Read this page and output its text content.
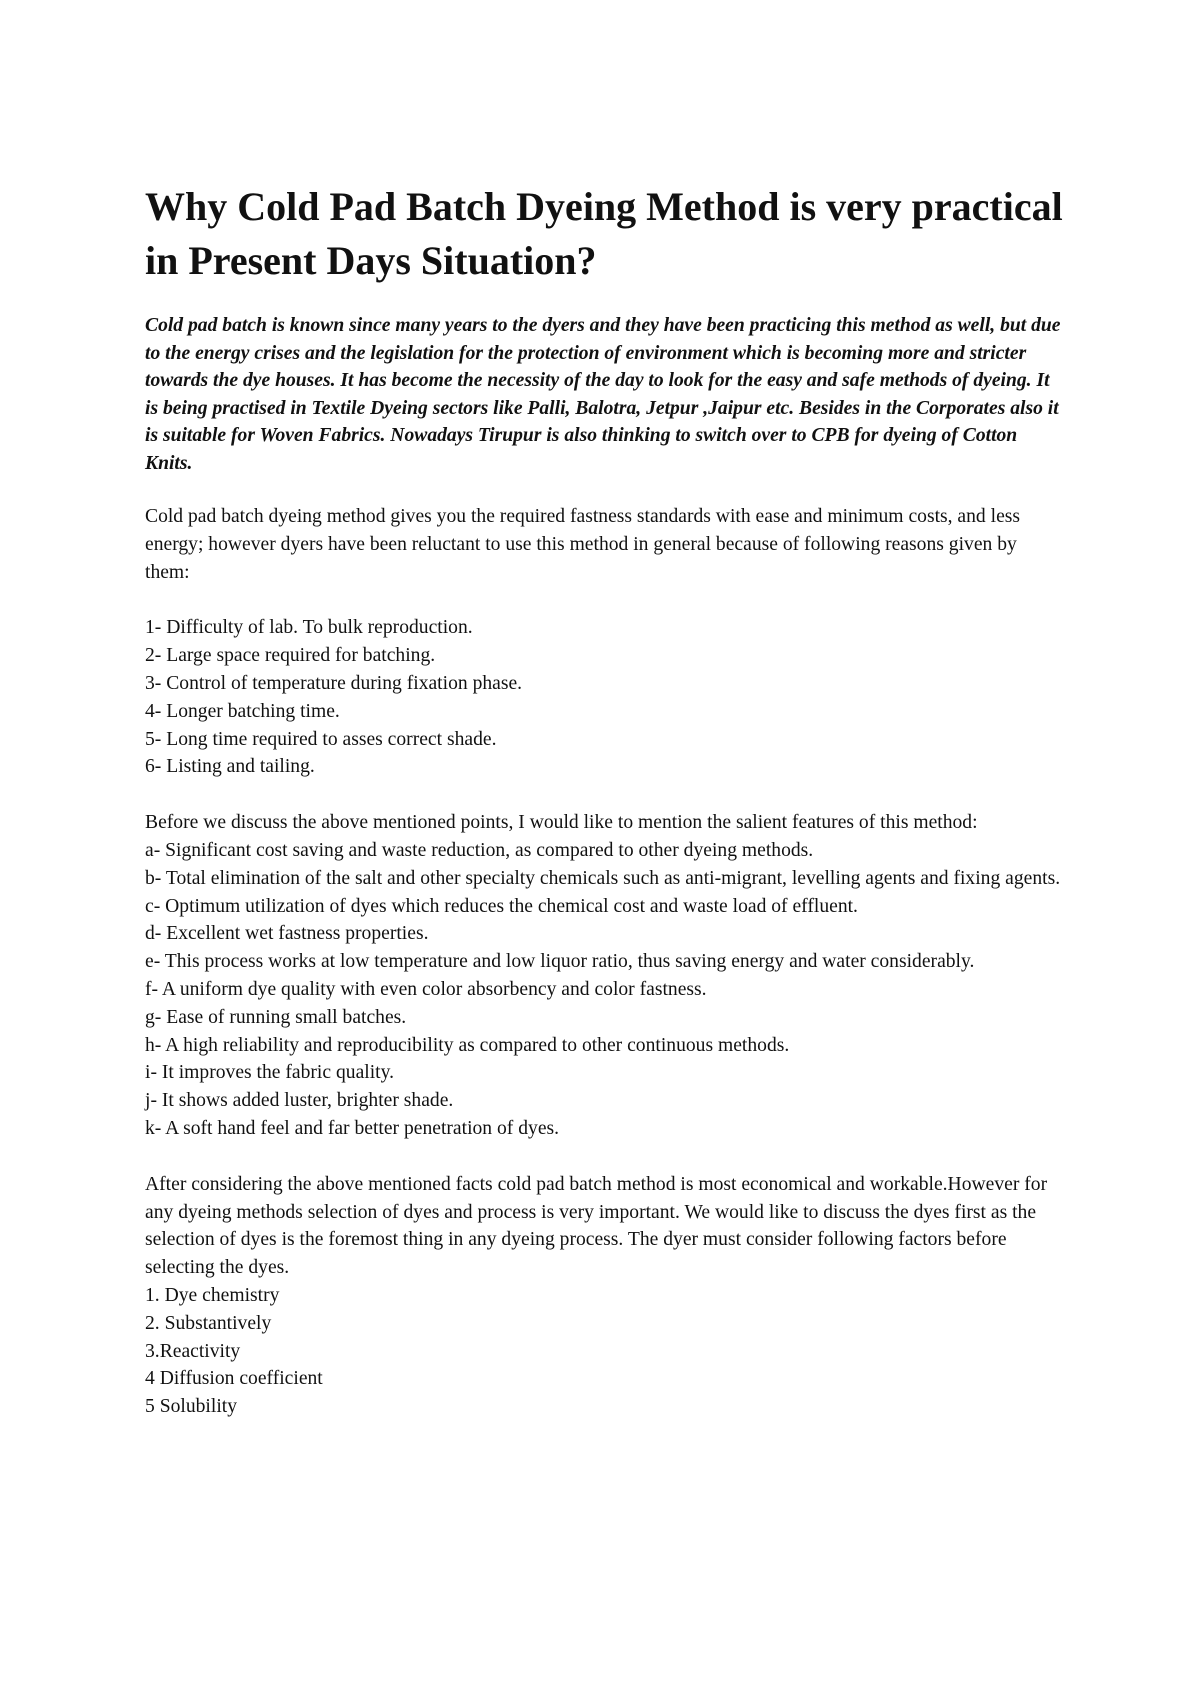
Why Cold Pad Batch Dyeing Method is very practical in Present Days Situation?

Cold pad batch is known since many years to the dyers and they have been practicing this method as well, but due to the energy crises and the legislation for the protection of environment which is becoming more and stricter towards the dye houses. It has become the necessity of the day to look for the easy and safe methods of dyeing. It is being practised in Textile Dyeing sectors like Palli, Balotra, Jetpur ,Jaipur etc. Besides in the Corporates also it is suitable for Woven Fabrics. Nowadays Tirupur is also thinking to switch over to CPB for dyeing of Cotton Knits.

Cold pad batch dyeing method gives you the required fastness standards with ease and minimum costs, and less energy; however dyers have been reluctant to use this method in general because of following reasons given by them:

1- Difficulty of lab. To bulk reproduction.
2- Large space required for batching.
3- Control of temperature during fixation phase.
4- Longer batching time.
5- Long time required to asses correct shade.
6- Listing and tailing.

Before we discuss the above mentioned points, I would like to mention the salient features of this method:

a- Significant cost saving and waste reduction, as compared to other dyeing methods.
b- Total elimination of the salt and other specialty chemicals such as anti-migrant, levelling agents and fixing agents.
c- Optimum utilization of dyes which reduces the chemical cost and waste load of effluent.
d- Excellent wet fastness properties.
e- This process works at low temperature and low liquor ratio, thus saving energy and water considerably.
f- A uniform dye quality with even color absorbency and color fastness.
g- Ease of running small batches.
h- A high reliability and reproducibility as compared to other continuous methods.
i- It improves the fabric quality.
j- It shows added luster, brighter shade.
k- A soft hand feel and far better penetration of dyes.

After considering the above mentioned facts cold pad batch method is most economical and workable.However for any dyeing methods selection of dyes and process is very important. We would like to discuss the dyes first as the selection of dyes is the foremost thing in any dyeing process. The dyer must consider following factors before selecting the dyes.

1. Dye chemistry
2. Substantively
3.Reactivity
4 Diffusion coefficient
5 Solubility
